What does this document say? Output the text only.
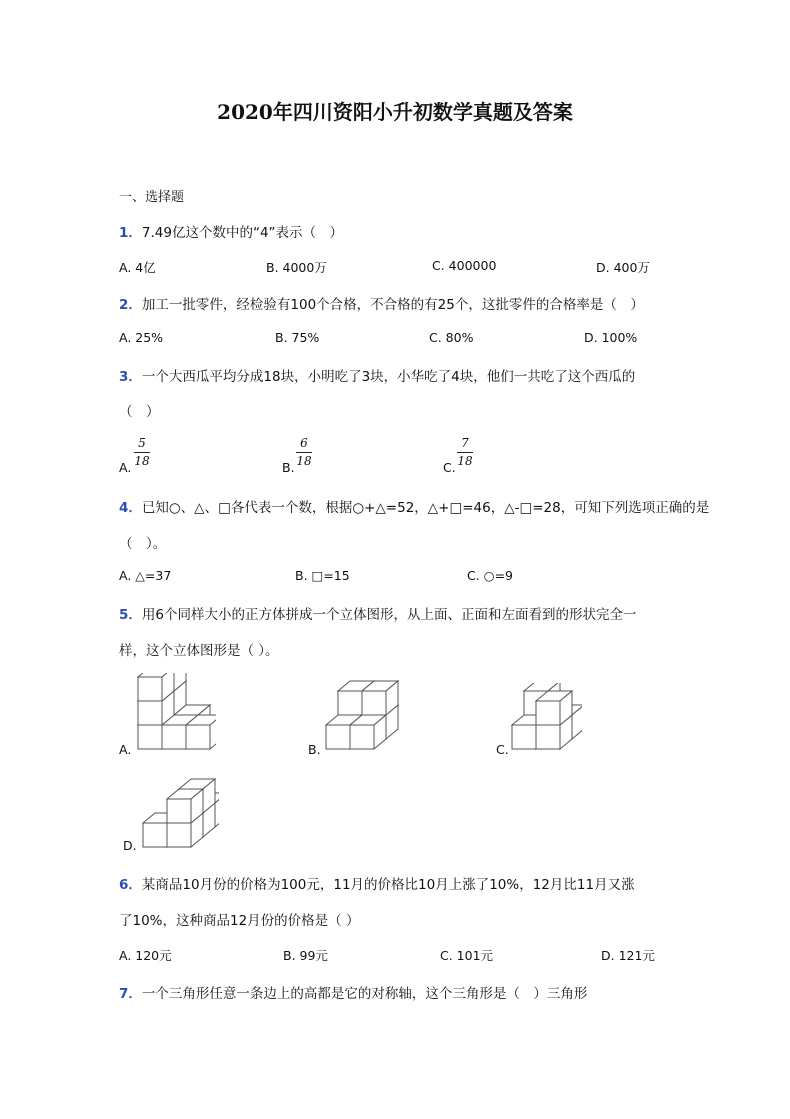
2020年四川资阳小升初数学真题及答案
一、选择题
1．7.49亿这个数中的“4”表示（　）
A. 4亿	B. 4000万	C. 400000	D. 400万
2．加工一批零件，经检验有100个合格，不合格的有25个，这批零件的合格率是（　）
A. 25%	B. 75%	C. 80%	D. 100%
3．一个大西瓜平均分成18块，小明吃了3块，小华吃了4块，他们一共吃了这个西瓜的
（　）
A.
5
18	B.
6
18	C.
7
18
4．已知○、△、□各代表一个数，根据○+△=52，△+□=46，△-□=28，可知下列选项正确的是
（　）。
A. △=37	B. □=15	C. ○=9
5．用6个同样大小的正方体拼成一个立体图形，从上面、正面和左面看到的形状完全一
样，这个立体图形是（ ）。
A.	B.	C.
D.
6．某商品10月份的价格为100元，11月的价格比10月上涨了10%，12月比11月又涨
了10%，这种商品12月份的价格是（ ）
A. 120元	B. 99元	C. 101元	D. 121元
7．一个三角形任意一条边上的高都是它的对称轴，这个三角形是（　）三角形
